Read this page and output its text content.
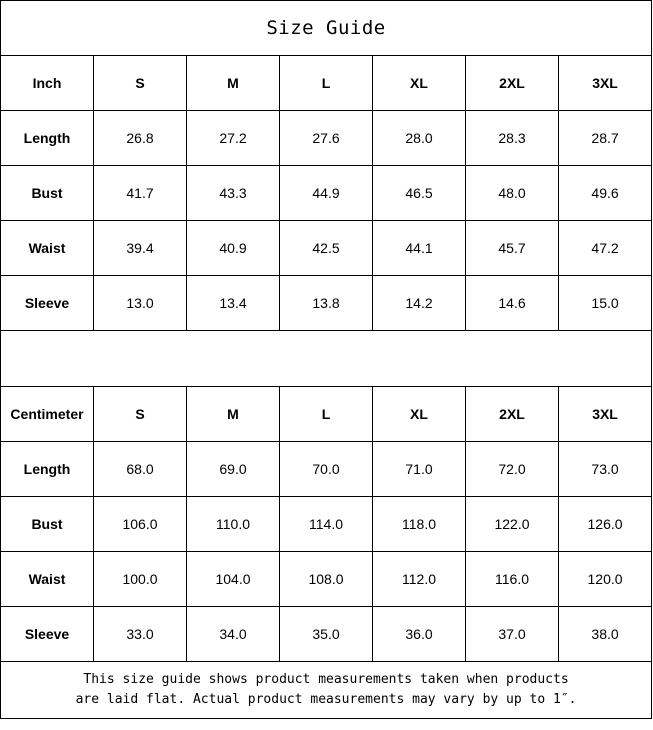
Size Guide						
Inch	S	M	L	XL	2XL	3XL
Length	26.8	27.2	27.6	28.0	28.3	28.7
Bust	41.7	43.3	44.9	46.5	48.0	49.6
Waist	39.4	40.9	42.5	44.1	45.7	47.2
Sleeve	13.0	13.4	13.8	14.2	14.6	15.0

Centimeter	S	M	L	XL	2XL	3XL
Length	68.0	69.0	70.0	71.0	72.0	73.0
Bust	106.0	110.0	114.0	118.0	122.0	126.0
Waist	100.0	104.0	108.0	112.0	116.0	120.0
Sleeve	33.0	34.0	35.0	36.0	37.0	38.0

This size guide shows product measurements taken when products
are laid flat. Actual product measurements may vary by up to 1″.						
